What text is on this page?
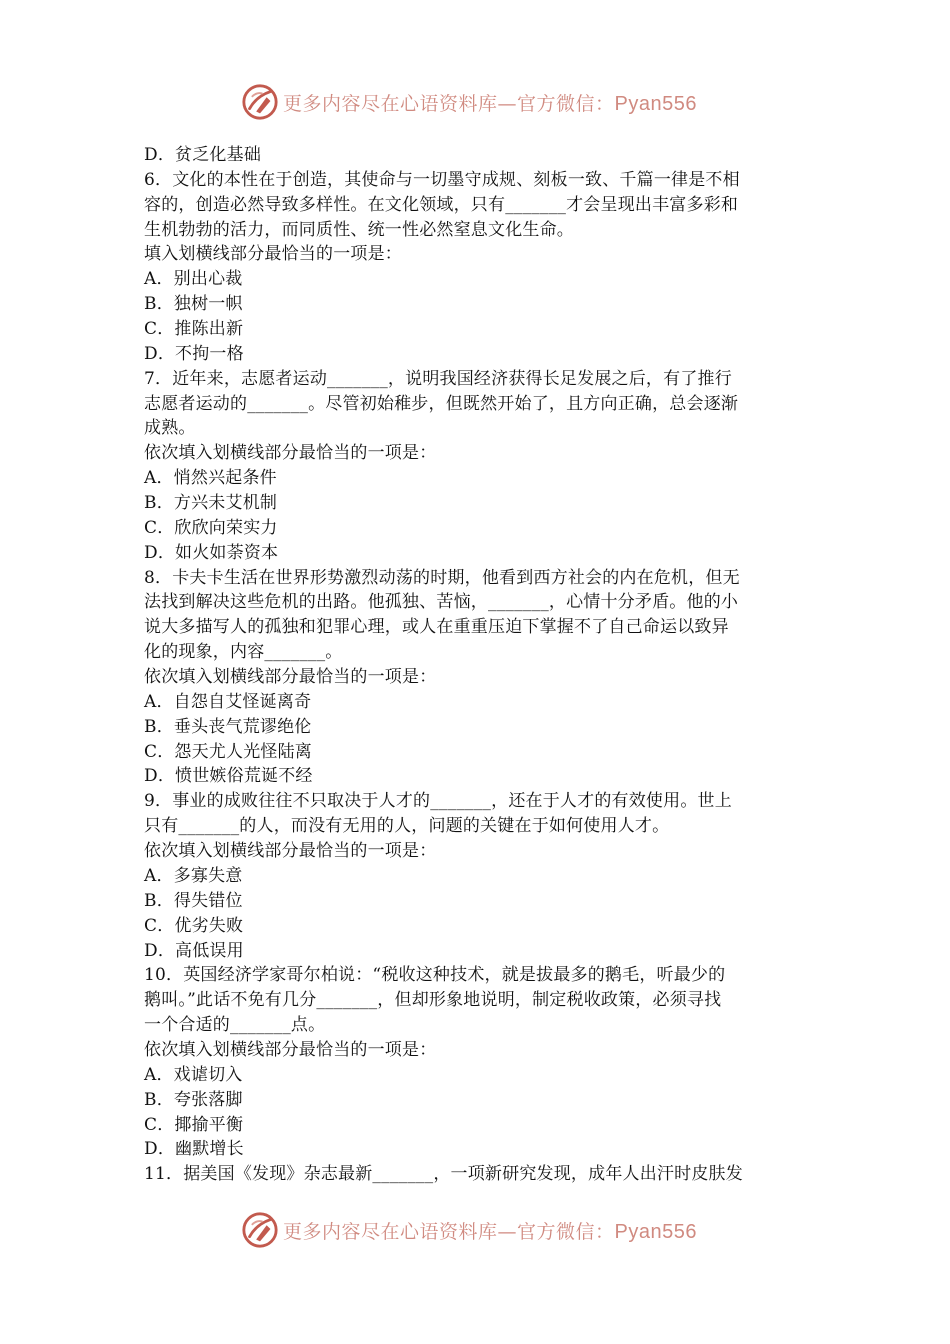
更多内容尽在心语资料库—官方微信：Pyan556
D．贫乏化基础
6．文化的本性在于创造，其使命与一切墨守成规、刻板一致、千篇一律是不相
容的，创造必然导致多样性。在文化领域，只有_______才会呈现出丰富多彩和
生机勃勃的活力，而同质性、统一性必然窒息文化生命。
填入划横线部分最恰当的一项是：
A．别出心裁
B．独树一帜
C．推陈出新
D．不拘一格
7．近年来，志愿者运动_______，说明我国经济获得长足发展之后，有了推行
志愿者运动的_______。尽管初始稚步，但既然开始了，且方向正确，总会逐渐
成熟。
依次填入划横线部分最恰当的一项是：
A．悄然兴起条件
B．方兴未艾机制
C．欣欣向荣实力
D．如火如荼资本
8．卡夫卡生活在世界形势激烈动荡的时期，他看到西方社会的内在危机，但无
法找到解决这些危机的出路。他孤独、苦恼，_______，心情十分矛盾。他的小
说大多描写人的孤独和犯罪心理，或人在重重压迫下掌握不了自己命运以致异
化的现象，内容_______。
依次填入划横线部分最恰当的一项是：
A．自怨自艾怪诞离奇
B．垂头丧气荒谬绝伦
C．怨天尤人光怪陆离
D．愤世嫉俗荒诞不经
9．事业的成败往往不只取决于人才的_______，还在于人才的有效使用。世上
只有_______的人，而没有无用的人，问题的关键在于如何使用人才。
依次填入划横线部分最恰当的一项是：
A．多寡失意
B．得失错位
C．优劣失败
D．高低误用
10．英国经济学家哥尔柏说：“税收这种技术，就是拔最多的鹅毛，听最少的
鹅叫。”此话不免有几分_______，但却形象地说明，制定税收政策，必须寻找
一个合适的_______点。
依次填入划横线部分最恰当的一项是：
A．戏谑切入
B．夸张落脚
C．揶揄平衡
D．幽默增长
11．据美国《发现》杂志最新_______，一项新研究发现，成年人出汗时皮肤发
更多内容尽在心语资料库—官方微信：Pyan556
